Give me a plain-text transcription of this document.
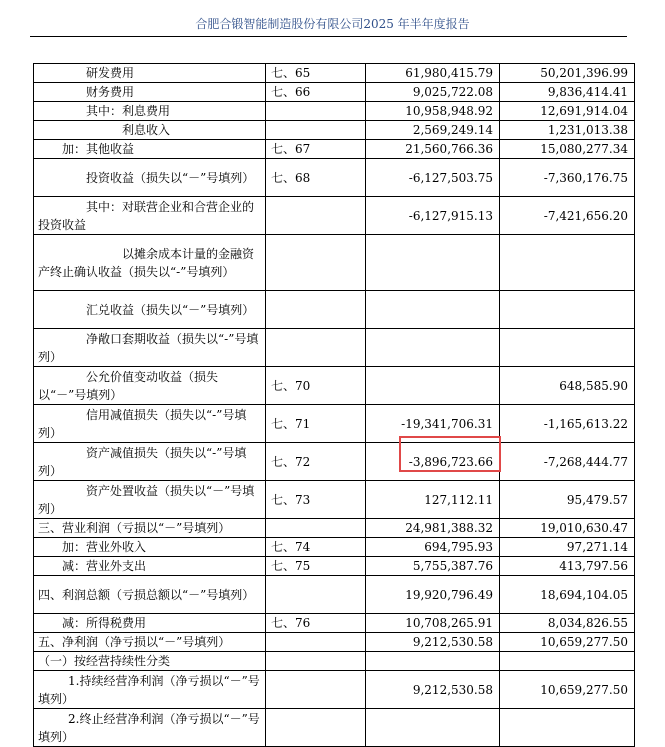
合肥合锻智能制造股份有限公司2025 年半年度报告
研发费用	七、65	61,980,415.79	50,201,396.99
财务费用	七、66	9,025,722.08	9,836,414.41
其中：利息费用		10,958,948.92	12,691,914.04
利息收入		2,569,249.14	1,231,013.38
加：其他收益	七、67	21,560,766.36	15,080,277.34
投资收益（损失以“－”号填列）	七、68	-6,127,503.75	-7,360,176.75
其中：对联营企业和合营企业的投资收益		-6,127,915.13	-7,421,656.20
以摊余成本计量的金融资产终止确认收益（损失以“-”号填列）			
汇兑收益（损失以“－”号填列）			
净敞口套期收益（损失以“-”号填列）			
公允价值变动收益（损失以“－”号填列）	七、70		648,585.90
信用减值损失（损失以“-”号填列）	七、71	-19,341,706.31	-1,165,613.22
资产减值损失（损失以“-”号填列）	七、72	-3,896,723.66	-7,268,444.77
资产处置收益（损失以“－”号填列）	七、73	127,112.11	95,479.57
三、营业利润（亏损以“－”号填列）		24,981,388.32	19,010,630.47
加：营业外收入	七、74	694,795.93	97,271.14
减：营业外支出	七、75	5,755,387.76	413,797.56
四、利润总额（亏损总额以“－”号填列）		19,920,796.49	18,694,104.05
减：所得税费用	七、76	10,708,265.91	8,034,826.55
五、净利润（净亏损以“－”号填列）		9,212,530.58	10,659,277.50
（一）按经营持续性分类			
1.持续经营净利润（净亏损以“－”号填列）		9,212,530.58	10,659,277.50
2.终止经营净利润（净亏损以“－”号填列）			
